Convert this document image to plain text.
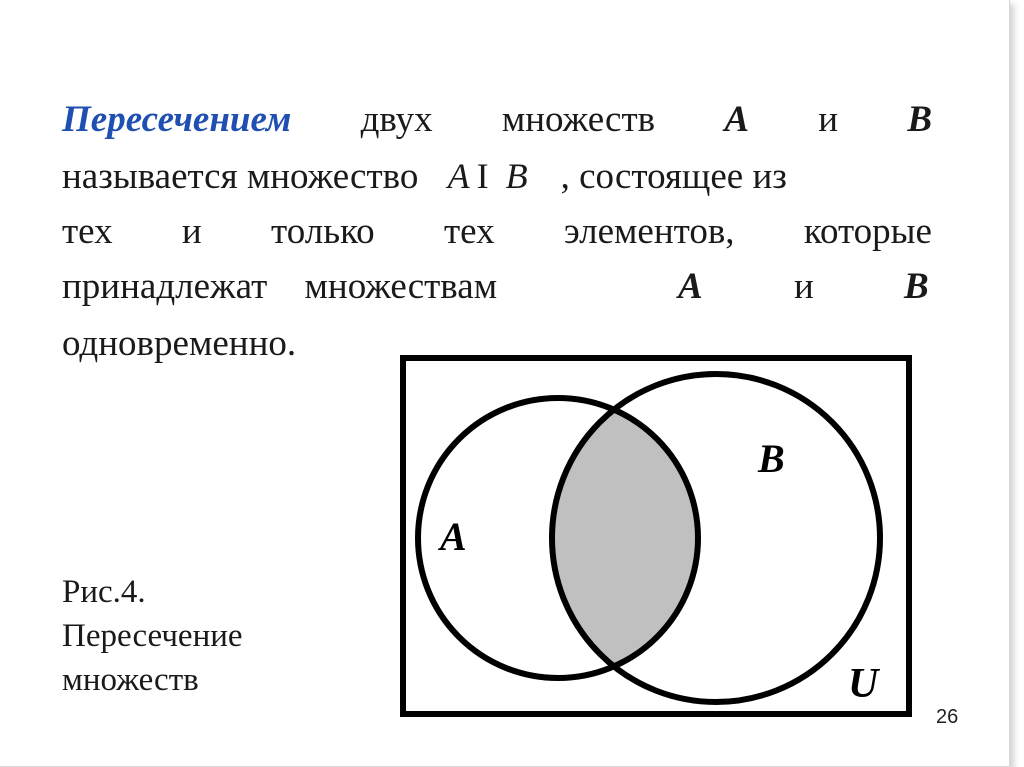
Пересечением двух множеств A и B
называется множество A I B , состоящее из
тех и только тех элементов, которые
принадлежат множествам	A и B
одновременно.
Рис.4.
Пересечение
множеств
A
B
U
26
